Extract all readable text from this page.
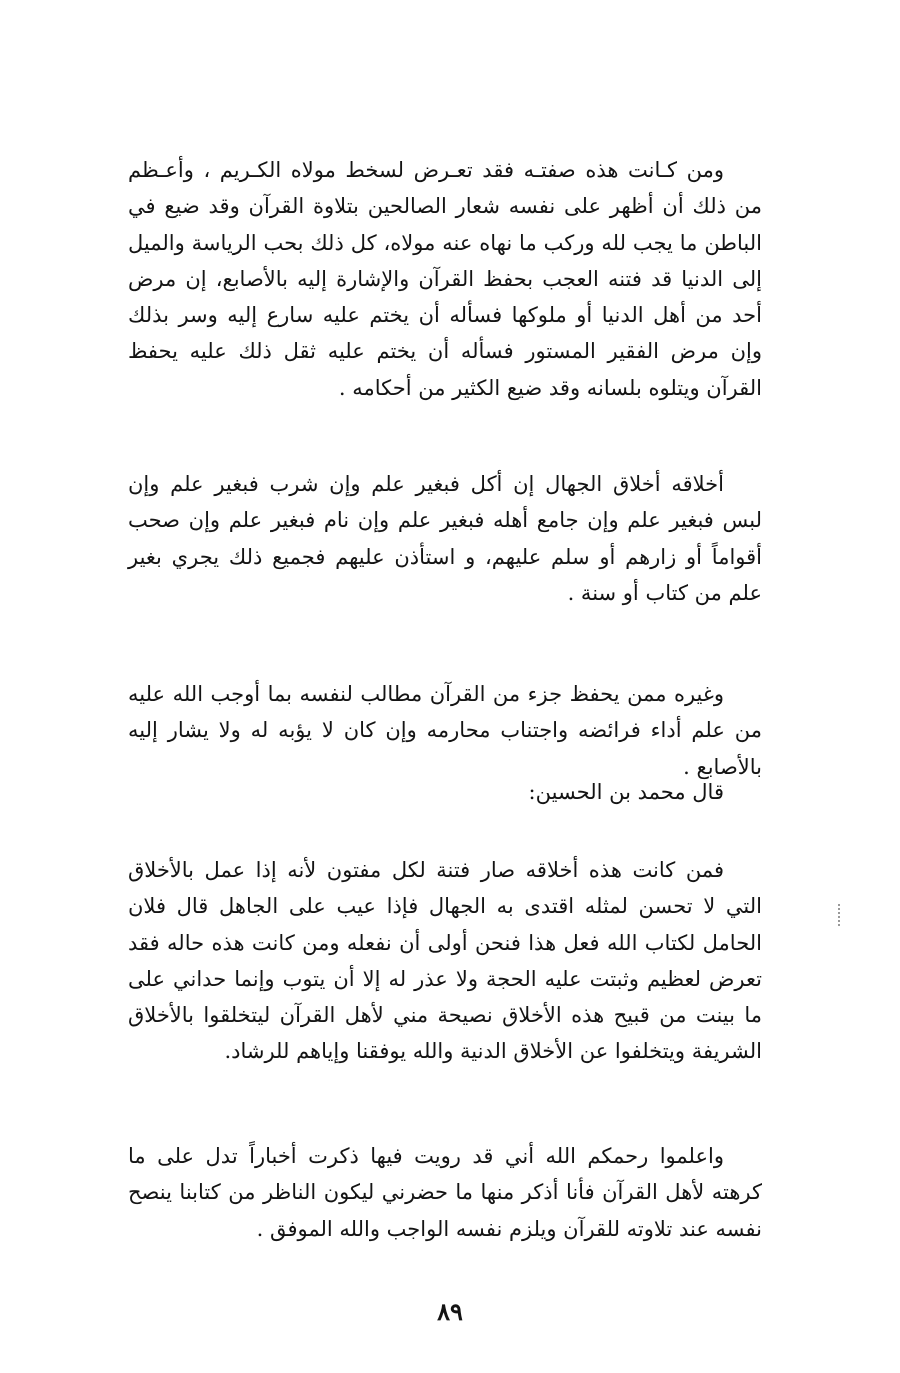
ومن كـانت هذه صفتـه فقد تعـرض لسخط مولاه الكـريم ، وأعـظم من ذلك أن أظهر على نفسه شعار الصالحين بتلاوة القرآن وقد ضيع في الباطن ما يجب لله وركب ما نهاه عنه مولاه، كل ذلك بحب الرياسة والميل إلى الدنيا قد فتنه العجب بحفظ القرآن والإشارة إليه بالأصابع، إن مرض أحد من أهل الدنيا أو ملوكها فسأله أن يختم عليه سارع إليه وسر بذلك وإن مرض الفقير المستور فسأله أن يختم عليه ثقل ذلك عليه يحفظ القرآن ويتلوه بلسانه وقد ضيع الكثير من أحكامه .

أخلاقه أخلاق الجهال إن أكل فبغير علم وإن شرب فبغير علم وإن لبس فبغير علم وإن جامع أهله فبغير علم وإن نام فبغير علم وإن صحب أقواماً أو زارهم أو سلم عليهم، و استأذن عليهم فجميع ذلك يجري بغير علم من كتاب أو سنة .

وغيره ممن يحفظ جزء من القرآن مطالب لنفسه بما أوجب الله عليه من علم أداء فرائضه واجتناب محارمه وإن كان لا يؤبه له ولا يشار إليه بالأصابع .

قال محمد بن الحسين:

فمن كانت هذه أخلاقه صار فتنة لكل مفتون لأنه إذا عمل بالأخلاق التي لا تحسن لمثله اقتدى به الجهال فإذا عيب على الجاهل قال فلان الحامل لكتاب الله فعل هذا فنحن أولى أن نفعله ومن كانت هذه حاله فقد تعرض لعظيم وثبتت عليه الحجة ولا عذر له إلا أن يتوب وإنما حداني على ما بينت من قبيح هذه الأخلاق نصيحة مني لأهل القرآن ليتخلقوا بالأخلاق الشريفة ويتخلفوا عن الأخلاق الدنية والله يوفقنا وإياهم للرشاد.

واعلموا رحمكم الله أني قد رويت فيها ذكرت أخباراً تدل على ما كرهته لأهل القرآن فأنا أذكر منها ما حضرني ليكون الناظر من كتابنا ينصح نفسه عند تلاوته للقرآن ويلزم نفسه الواجب والله الموفق .

٨٩
